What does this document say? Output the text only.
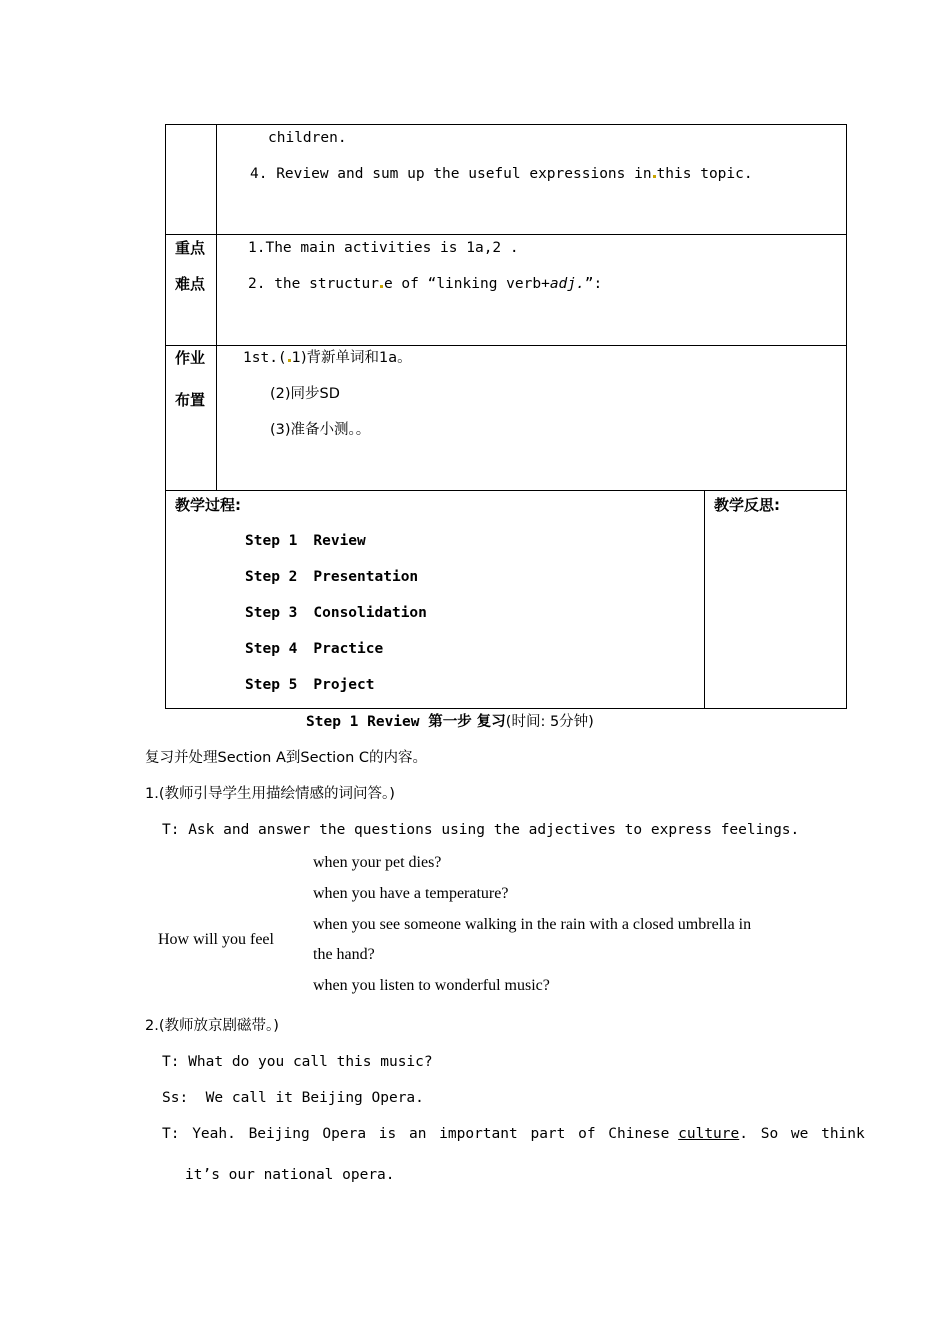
children.
4. Review and sum up the useful expressions in this topic.
重点
难点
1.The main activities is 1a,2 .
2. the structur e of “linking verb+adj.”:
作业
布置
1st.( 1)背新单词和1a。
(2)同步SD
(3)准备小测。。
教学过程:	教学反思:
Step 1 Review
Step 2 Presentation
Step 3 Consolidation
Step 4 Practice
Step 5 Project
Step 1 Review 第一步 复习(时间: 5分钟)
复习并处理Section A到Section C的内容。
1.(教师引导学生用描绘情感的词问答。)
T: Ask and answer the questions using the adjectives to express feelings.
How will you feel
when your pet dies?
when you have a temperature?
when you see someone walking in the rain with a closed umbrella in
the hand?
when you listen to wonderful music?
2.(教师放京剧磁带。)
T: What do you call this music?
Ss:  We call it Beijing Opera.
T: Yeah. Beijing Opera is an important part of Chinese culture. So we think
it’s our national opera.
